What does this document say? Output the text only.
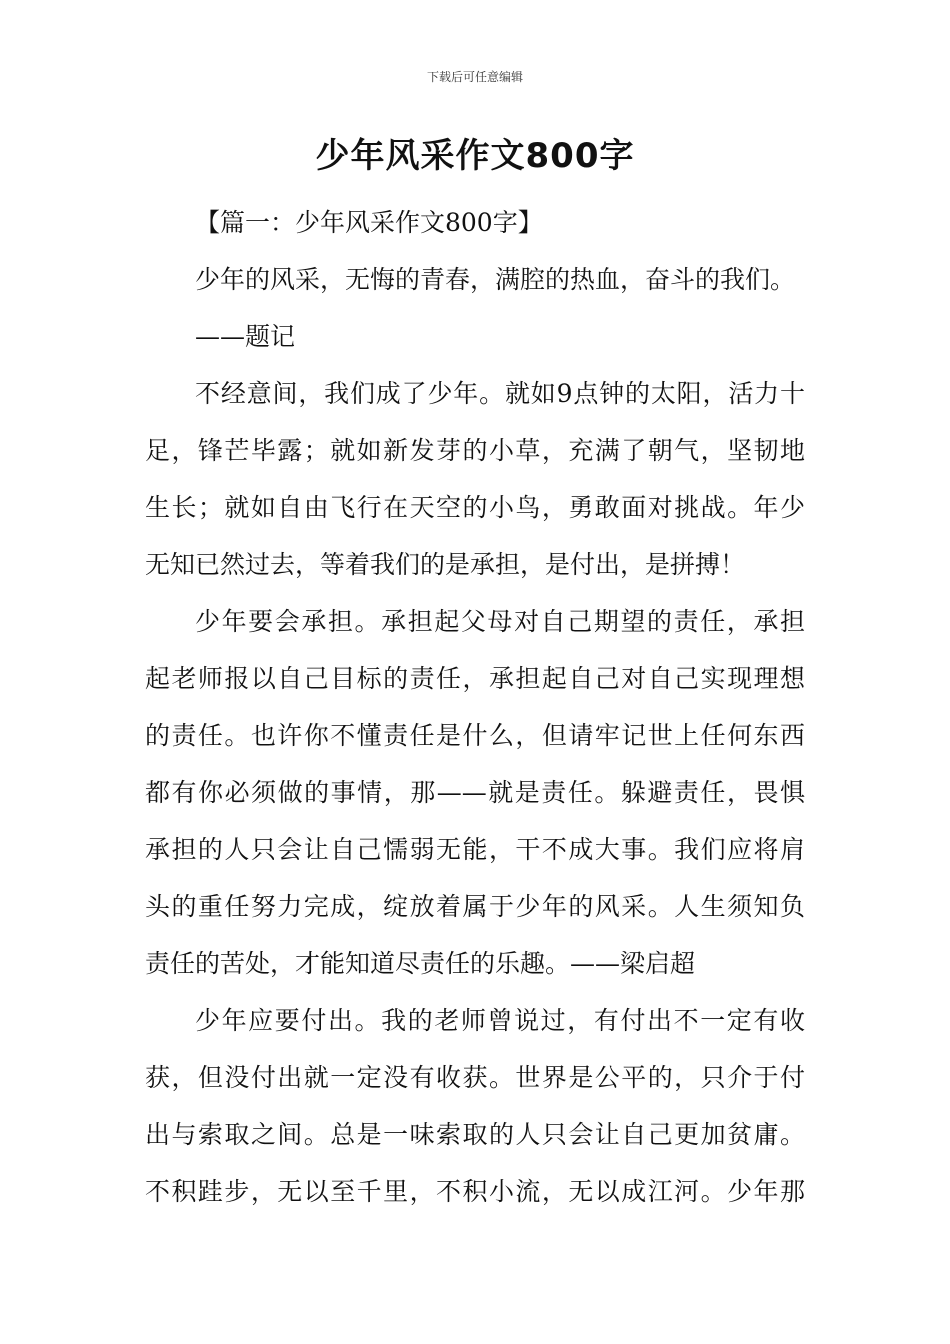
下载后可任意编辑
少年风采作文800字
【篇一：少年风采作文800字】
少年的风采，无悔的青春，满腔的热血，奋斗的我们。
——题记
不经意间，我们成了少年。就如9点钟的太阳，活力十
足，锋芒毕露；就如新发芽的小草，充满了朝气，坚韧地
生长；就如自由飞行在天空的小鸟，勇敢面对挑战。年少
无知已然过去，等着我们的是承担，是付出，是拼搏！
少年要会承担。承担起父母对自己期望的责任，承担
起老师报以自己目标的责任，承担起自己对自己实现理想
的责任。也许你不懂责任是什么，但请牢记世上任何东西
都有你必须做的事情，那——就是责任。躲避责任，畏惧
承担的人只会让自己懦弱无能，干不成大事。我们应将肩
头的重任努力完成，绽放着属于少年的风采。人生须知负
责任的苦处，才能知道尽责任的乐趣。——梁启超
少年应要付出。我的老师曾说过，有付出不一定有收
获，但没付出就一定没有收获。世界是公平的，只介于付
出与索取之间。总是一味索取的人只会让自己更加贫庸。
不积跬步，无以至千里，不积小流，无以成江河。少年那
